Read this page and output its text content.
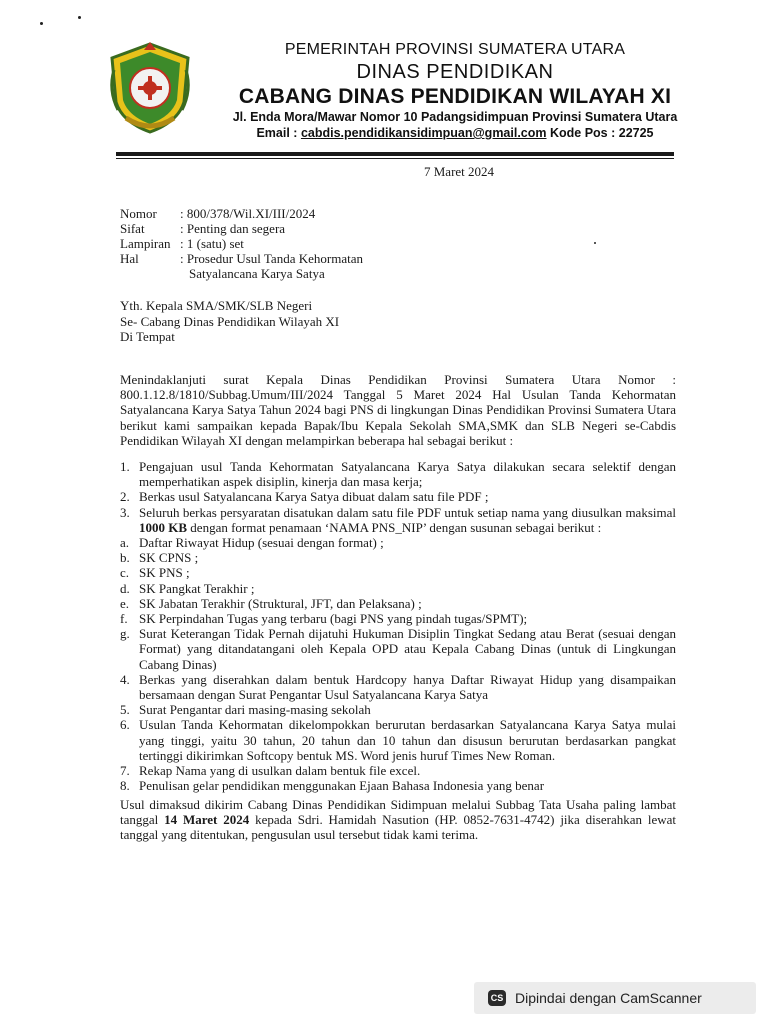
PEMERINTAH PROVINSI SUMATERA UTARA
DINAS PENDIDIKAN
CABANG DINAS PENDIDIKAN WILAYAH XI
Jl. Enda Mora/Mawar Nomor 10 Padangsidimpuan Provinsi Sumatera Utara
Email : cabdis.pendidikansidimpuan@gmail.com Kode Pos : 22725
7 Maret 2024
Nomor	: 800/378/Wil.XI/III/2024
Sifat	: Penting dan segera
Lampiran : 1 (satu) set
Hal	: Prosedur Usul Tanda Kehormatan
Satyalancana Karya Satya
Yth. Kepala SMA/SMK/SLB Negeri
Se- Cabang Dinas Pendidikan Wilayah XI
Di Tempat
Menindaklanjuti surat Kepala Dinas Pendidikan Provinsi Sumatera Utara Nomor : 800.1.12.8/1810/Subbag.Umum/III/2024 Tanggal 5 Maret 2024 Hal Usulan Tanda Kehormatan Satyalancana Karya Satya Tahun 2024 bagi PNS di lingkungan Dinas Pendidikan Provinsi Sumatera Utara berikut kami sampaikan kepada Bapak/Ibu Kepala Sekolah SMA,SMK dan SLB Negeri se-Cabdis Pendidikan Wilayah XI dengan melampirkan beberapa hal sebagai berikut :
1. Pengajuan usul Tanda Kehormatan Satyalancana Karya Satya dilakukan secara selektif dengan memperhatikan aspek disiplin, kinerja dan masa kerja;
2. Berkas usul Satyalancana Karya Satya dibuat dalam satu file PDF ;
3. Seluruh berkas persyaratan disatukan dalam satu file PDF untuk setiap nama yang diusulkan maksimal 1000 KB dengan format penamaan ‘NAMA PNS_NIP’ dengan susunan sebagai berikut :
a. Daftar Riwayat Hidup (sesuai dengan format) ;
b. SK CPNS ;
c. SK PNS ;
d. SK Pangkat Terakhir ;
e. SK Jabatan Terakhir (Struktural, JFT, dan Pelaksana) ;
f. SK Perpindahan Tugas yang terbaru (bagi PNS yang pindah tugas/SPMT);
g. Surat Keterangan Tidak Pernah dijatuhi Hukuman Disiplin Tingkat Sedang atau Berat (sesuai dengan Format) yang ditandatangani oleh Kepala OPD atau Kepala Cabang Dinas (untuk di Lingkungan Cabang Dinas)
4. Berkas yang diserahkan dalam bentuk Hardcopy hanya Daftar Riwayat Hidup yang disampaikan bersamaan dengan Surat Pengantar Usul Satyalancana Karya Satya
5. Surat Pengantar dari masing-masing sekolah
6. Usulan Tanda Kehormatan dikelompokkan berurutan berdasarkan Satyalancana Karya Satya mulai yang tinggi, yaitu 30 tahun, 20 tahun dan 10 tahun dan disusun berurutan berdasarkan pangkat tertinggi dikirimkan Softcopy bentuk MS. Word jenis huruf Times New Roman.
7. Rekap Nama yang di usulkan dalam bentuk file excel.
8. Penulisan gelar pendidikan menggunakan Ejaan Bahasa Indonesia yang benar
Usul dimaksud dikirim Cabang Dinas Pendidikan Sidimpuan melalui Subbag Tata Usaha paling lambat tanggal 14 Maret 2024 kepada Sdri. Hamidah Nasution (HP. 0852-7631-4742) jika diserahkan lewat tanggal yang ditentukan, pengusulan usul tersebut tidak kami terima.
CS Dipindai dengan CamScanner
